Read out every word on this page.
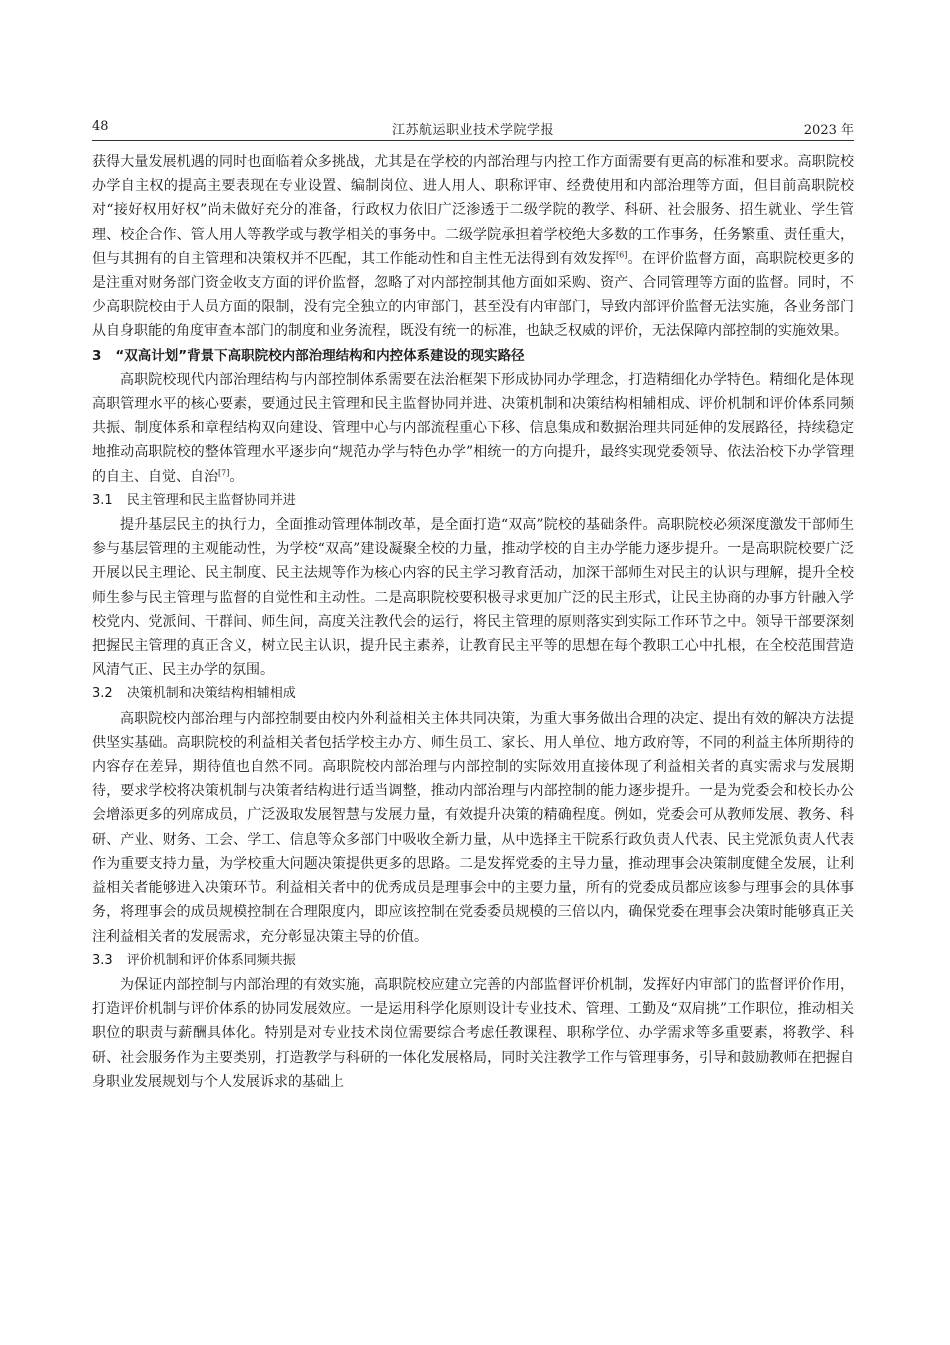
48	江苏航运职业技术学院学报	2023 年

获得大量发展机遇的同时也面临着众多挑战，尤其是在学校的内部治理与内控工作方面需要有更高的标准和要求。高职院校办学自主权的提高主要表现在专业设置、编制岗位、进人用人、职称评审、经费使用和内部治理等方面，但目前高职院校对“接好权用好权”尚未做好充分的准备，行政权力依旧广泛渗透于二级学院的教学、科研、社会服务、招生就业、学生管理、校企合作、管人用人等教学或与教学相关的事务中。二级学院承担着学校绝大多数的工作事务，任务繁重、责任重大，但与其拥有的自主管理和决策权并不匹配，其工作能动性和自主性无法得到有效发挥[6]。在评价监督方面，高职院校更多的是注重对财务部门资金收支方面的评价监督，忽略了对内部控制其他方面如采购、资产、合同管理等方面的监督。同时，不少高职院校由于人员方面的限制，没有完全独立的内审部门，甚至没有内审部门，导致内部评价监督无法实施，各业务部门从自身职能的角度审查本部门的制度和业务流程，既没有统一的标准，也缺乏权威的评价，无法保障内部控制的实施效果。

3 “双高计划”背景下高职院校内部治理结构和内控体系建设的现实路径

高职院校现代内部治理结构与内部控制体系需要在法治框架下形成协同办学理念，打造精细化办学特色。精细化是体现高职管理水平的核心要素，要通过民主管理和民主监督协同并进、决策机制和决策结构相辅相成、评价机制和评价体系同频共振、制度体系和章程结构双向建设、管理中心与内部流程重心下移、信息集成和数据治理共同延伸的发展路径，持续稳定地推动高职院校的整体管理水平逐步向“规范办学与特色办学”相统一的方向提升，最终实现党委领导、依法治校下办学管理的自主、自觉、自治[7]。

3.1 民主管理和民主监督协同并进

提升基层民主的执行力，全面推动管理体制改革，是全面打造“双高”院校的基础条件。高职院校必须深度激发干部师生参与基层管理的主观能动性，为学校“双高”建设凝聚全校的力量，推动学校的自主办学能力逐步提升。一是高职院校要广泛开展以民主理论、民主制度、民主法规等作为核心内容的民主学习教育活动，加深干部师生对民主的认识与理解，提升全校师生参与民主管理与监督的自觉性和主动性。二是高职院校要积极寻求更加广泛的民主形式，让民主协商的办事方针融入学校党内、党派间、干群间、师生间，高度关注教代会的运行，将民主管理的原则落实到实际工作环节之中。领导干部要深刻把握民主管理的真正含义，树立民主认识，提升民主素养，让教育民主平等的思想在每个教职工心中扎根，在全校范围营造风清气正、民主办学的氛围。

3.2 决策机制和决策结构相辅相成

高职院校内部治理与内部控制要由校内外利益相关主体共同决策，为重大事务做出合理的决定、提出有效的解决方法提供坚实基础。高职院校的利益相关者包括学校主办方、师生员工、家长、用人单位、地方政府等，不同的利益主体所期待的内容存在差异，期待值也自然不同。高职院校内部治理与内部控制的实际效用直接体现了利益相关者的真实需求与发展期待，要求学校将决策机制与决策者结构进行适当调整，推动内部治理与内部控制的能力逐步提升。一是为党委会和校长办公会增添更多的列席成员，广泛汲取发展智慧与发展力量，有效提升决策的精确程度。例如，党委会可从教师发展、教务、科研、产业、财务、工会、学工、信息等众多部门中吸收全新力量，从中选择主干院系行政负责人代表、民主党派负责人代表作为重要支持力量，为学校重大问题决策提供更多的思路。二是发挥党委的主导力量，推动理事会决策制度健全发展，让利益相关者能够进入决策环节。利益相关者中的优秀成员是理事会中的主要力量，所有的党委成员都应该参与理事会的具体事务，将理事会的成员规模控制在合理限度内，即应该控制在党委委员规模的三倍以内，确保党委在理事会决策时能够真正关注利益相关者的发展需求，充分彰显决策主导的价值。

3.3 评价机制和评价体系同频共振

为保证内部控制与内部治理的有效实施，高职院校应建立完善的内部监督评价机制，发挥好内审部门的监督评价作用，打造评价机制与评价体系的协同发展效应。一是运用科学化原则设计专业技术、管理、工勤及“双肩挑”工作职位，推动相关职位的职责与薪酬具体化。特别是对专业技术岗位需要综合考虑任教课程、职称学位、办学需求等多重要素，将教学、科研、社会服务作为主要类别，打造教学与科研的一体化发展格局，同时关注教学工作与管理事务，引导和鼓励教师在把握自身职业发展规划与个人发展诉求的基础上
